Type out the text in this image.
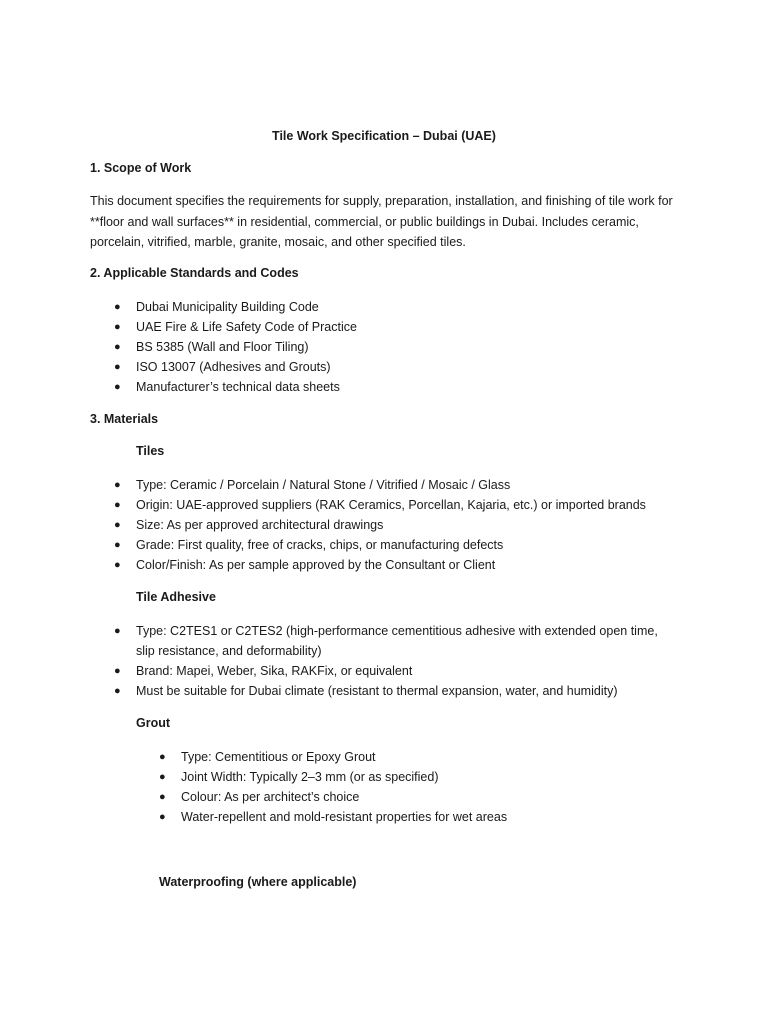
Tile Work Specification – Dubai (UAE)
1. Scope of Work
This document specifies the requirements for supply, preparation, installation, and finishing of tile work for **floor and wall surfaces** in residential, commercial, or public buildings in Dubai. Includes ceramic, porcelain, vitrified, marble, granite, mosaic, and other specified tiles.
2. Applicable Standards and Codes
● Dubai Municipality Building Code
● UAE Fire & Life Safety Code of Practice
● BS 5385 (Wall and Floor Tiling)
● ISO 13007 (Adhesives and Grouts)
● Manufacturer’s technical data sheets
3. Materials
Tiles
● Type: Ceramic / Porcelain / Natural Stone / Vitrified / Mosaic / Glass
● Origin: UAE-approved suppliers (RAK Ceramics, Porcellan, Kajaria, etc.) or imported brands
● Size: As per approved architectural drawings
● Grade: First quality, free of cracks, chips, or manufacturing defects
● Color/Finish: As per sample approved by the Consultant or Client
Tile Adhesive
● Type: C2TES1 or C2TES2 (high-performance cementitious adhesive with extended open time, slip resistance, and deformability)
● Brand: Mapei, Weber, Sika, RAKFix, or equivalent
● Must be suitable for Dubai climate (resistant to thermal expansion, water, and humidity)
Grout
● Type: Cementitious or Epoxy Grout
● Joint Width: Typically 2–3 mm (or as specified)
● Colour: As per architect’s choice
● Water-repellent and mold-resistant properties for wet areas
Waterproofing (where applicable)
